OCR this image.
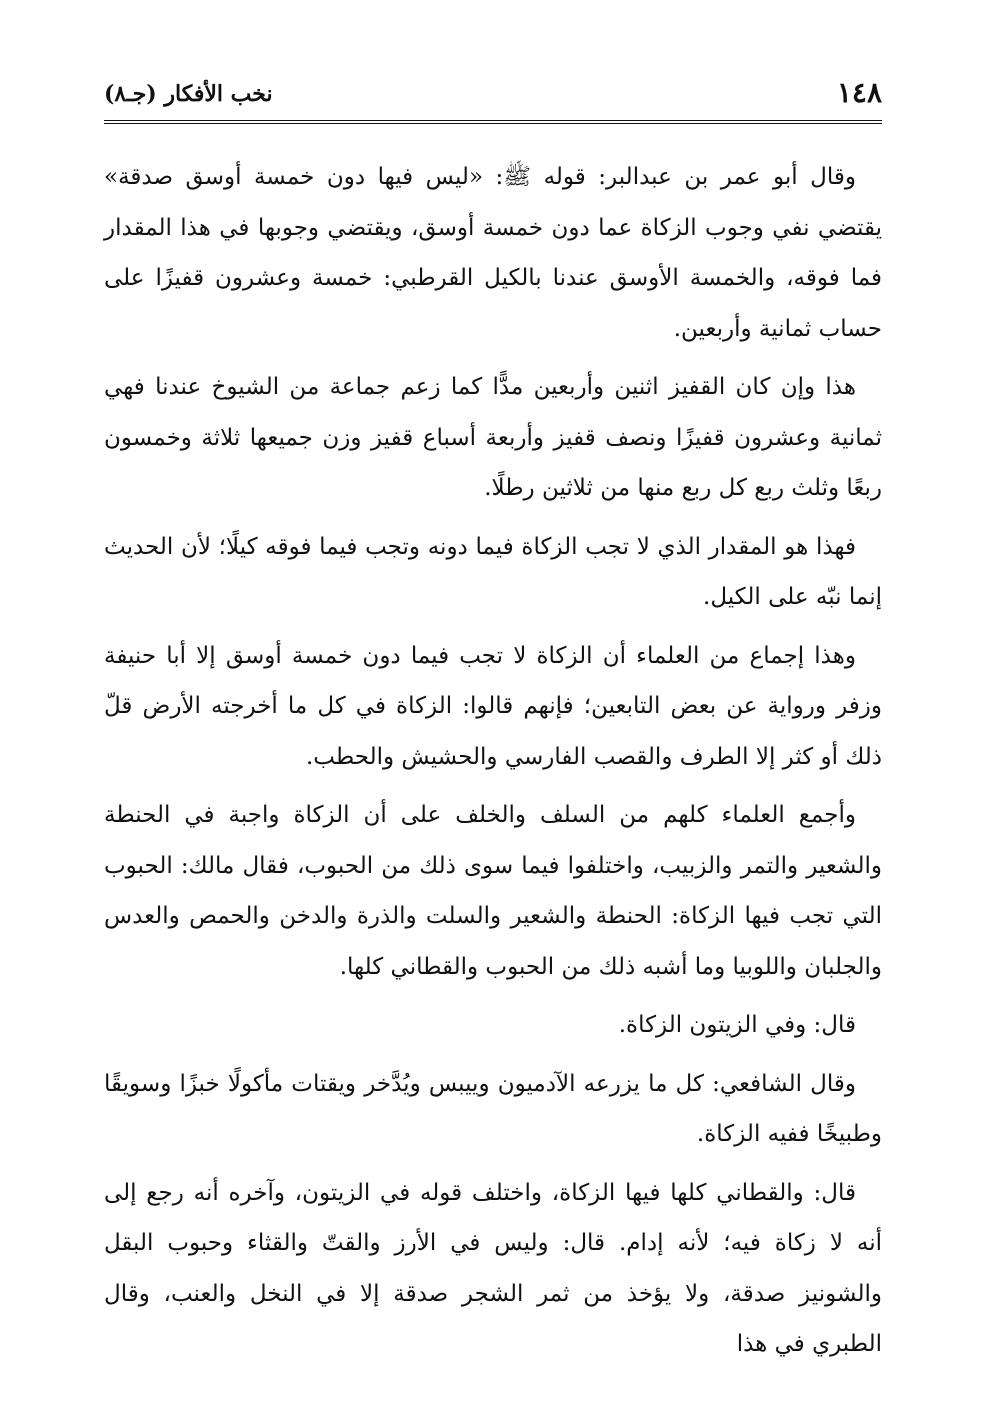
١٤٨
نخب الأفكار (جـ٨)

وقال أبو عمر بن عبدالبر: قوله ﷺ: «ليس فيها دون خمسة أوسق صدقة» يقتضي نفي وجوب الزكاة عما دون خمسة أوسق، ويقتضي وجوبها في هذا المقدار فما فوقه، والخمسة الأوسق عندنا بالكيل القرطبي: خمسة وعشرون قفيزًا على حساب ثمانية وأربعين.

هذا وإن كان القفيز اثنين وأربعين مدًّا كما زعم جماعة من الشيوخ عندنا فهي ثمانية وعشرون قفيزًا ونصف قفيز وأربعة أسباع قفيز وزن جميعها ثلاثة وخمسون ربعًا وثلث ربع كل ربع منها من ثلاثين رطلًا.

فهذا هو المقدار الذي لا تجب الزكاة فيما دونه وتجب فيما فوقه كيلًا؛ لأن الحديث إنما نبّه على الكيل.

وهذا إجماع من العلماء أن الزكاة لا تجب فيما دون خمسة أوسق إلا أبا حنيفة وزفر ورواية عن بعض التابعين؛ فإنهم قالوا: الزكاة في كل ما أخرجته الأرض قلّ ذلك أو كثر إلا الطرف والقصب الفارسي والحشيش والحطب.

وأجمع العلماء كلهم من السلف والخلف على أن الزكاة واجبة في الحنطة والشعير والتمر والزبيب، واختلفوا فيما سوى ذلك من الحبوب، فقال مالك: الحبوب التي تجب فيها الزكاة: الحنطة والشعير والسلت والذرة والدخن والحمص والعدس والجلبان واللوبيا وما أشبه ذلك من الحبوب والقطاني كلها.

قال: وفي الزيتون الزكاة.

وقال الشافعي: كل ما يزرعه الآدميون وييبس ويُدَّخر ويقتات مأكولًا خبزًا وسويقًا وطبيخًا ففيه الزكاة.

قال: والقطاني كلها فيها الزكاة، واختلف قوله في الزيتون، وآخره أنه رجع إلى أنه لا زكاة فيه؛ لأنه إدام. قال: وليس في الأرز والقتّ والقثاء وحبوب البقل والشونيز صدقة، ولا يؤخذ من ثمر الشجر صدقة إلا في النخل والعنب، وقال الطبري في هذا
